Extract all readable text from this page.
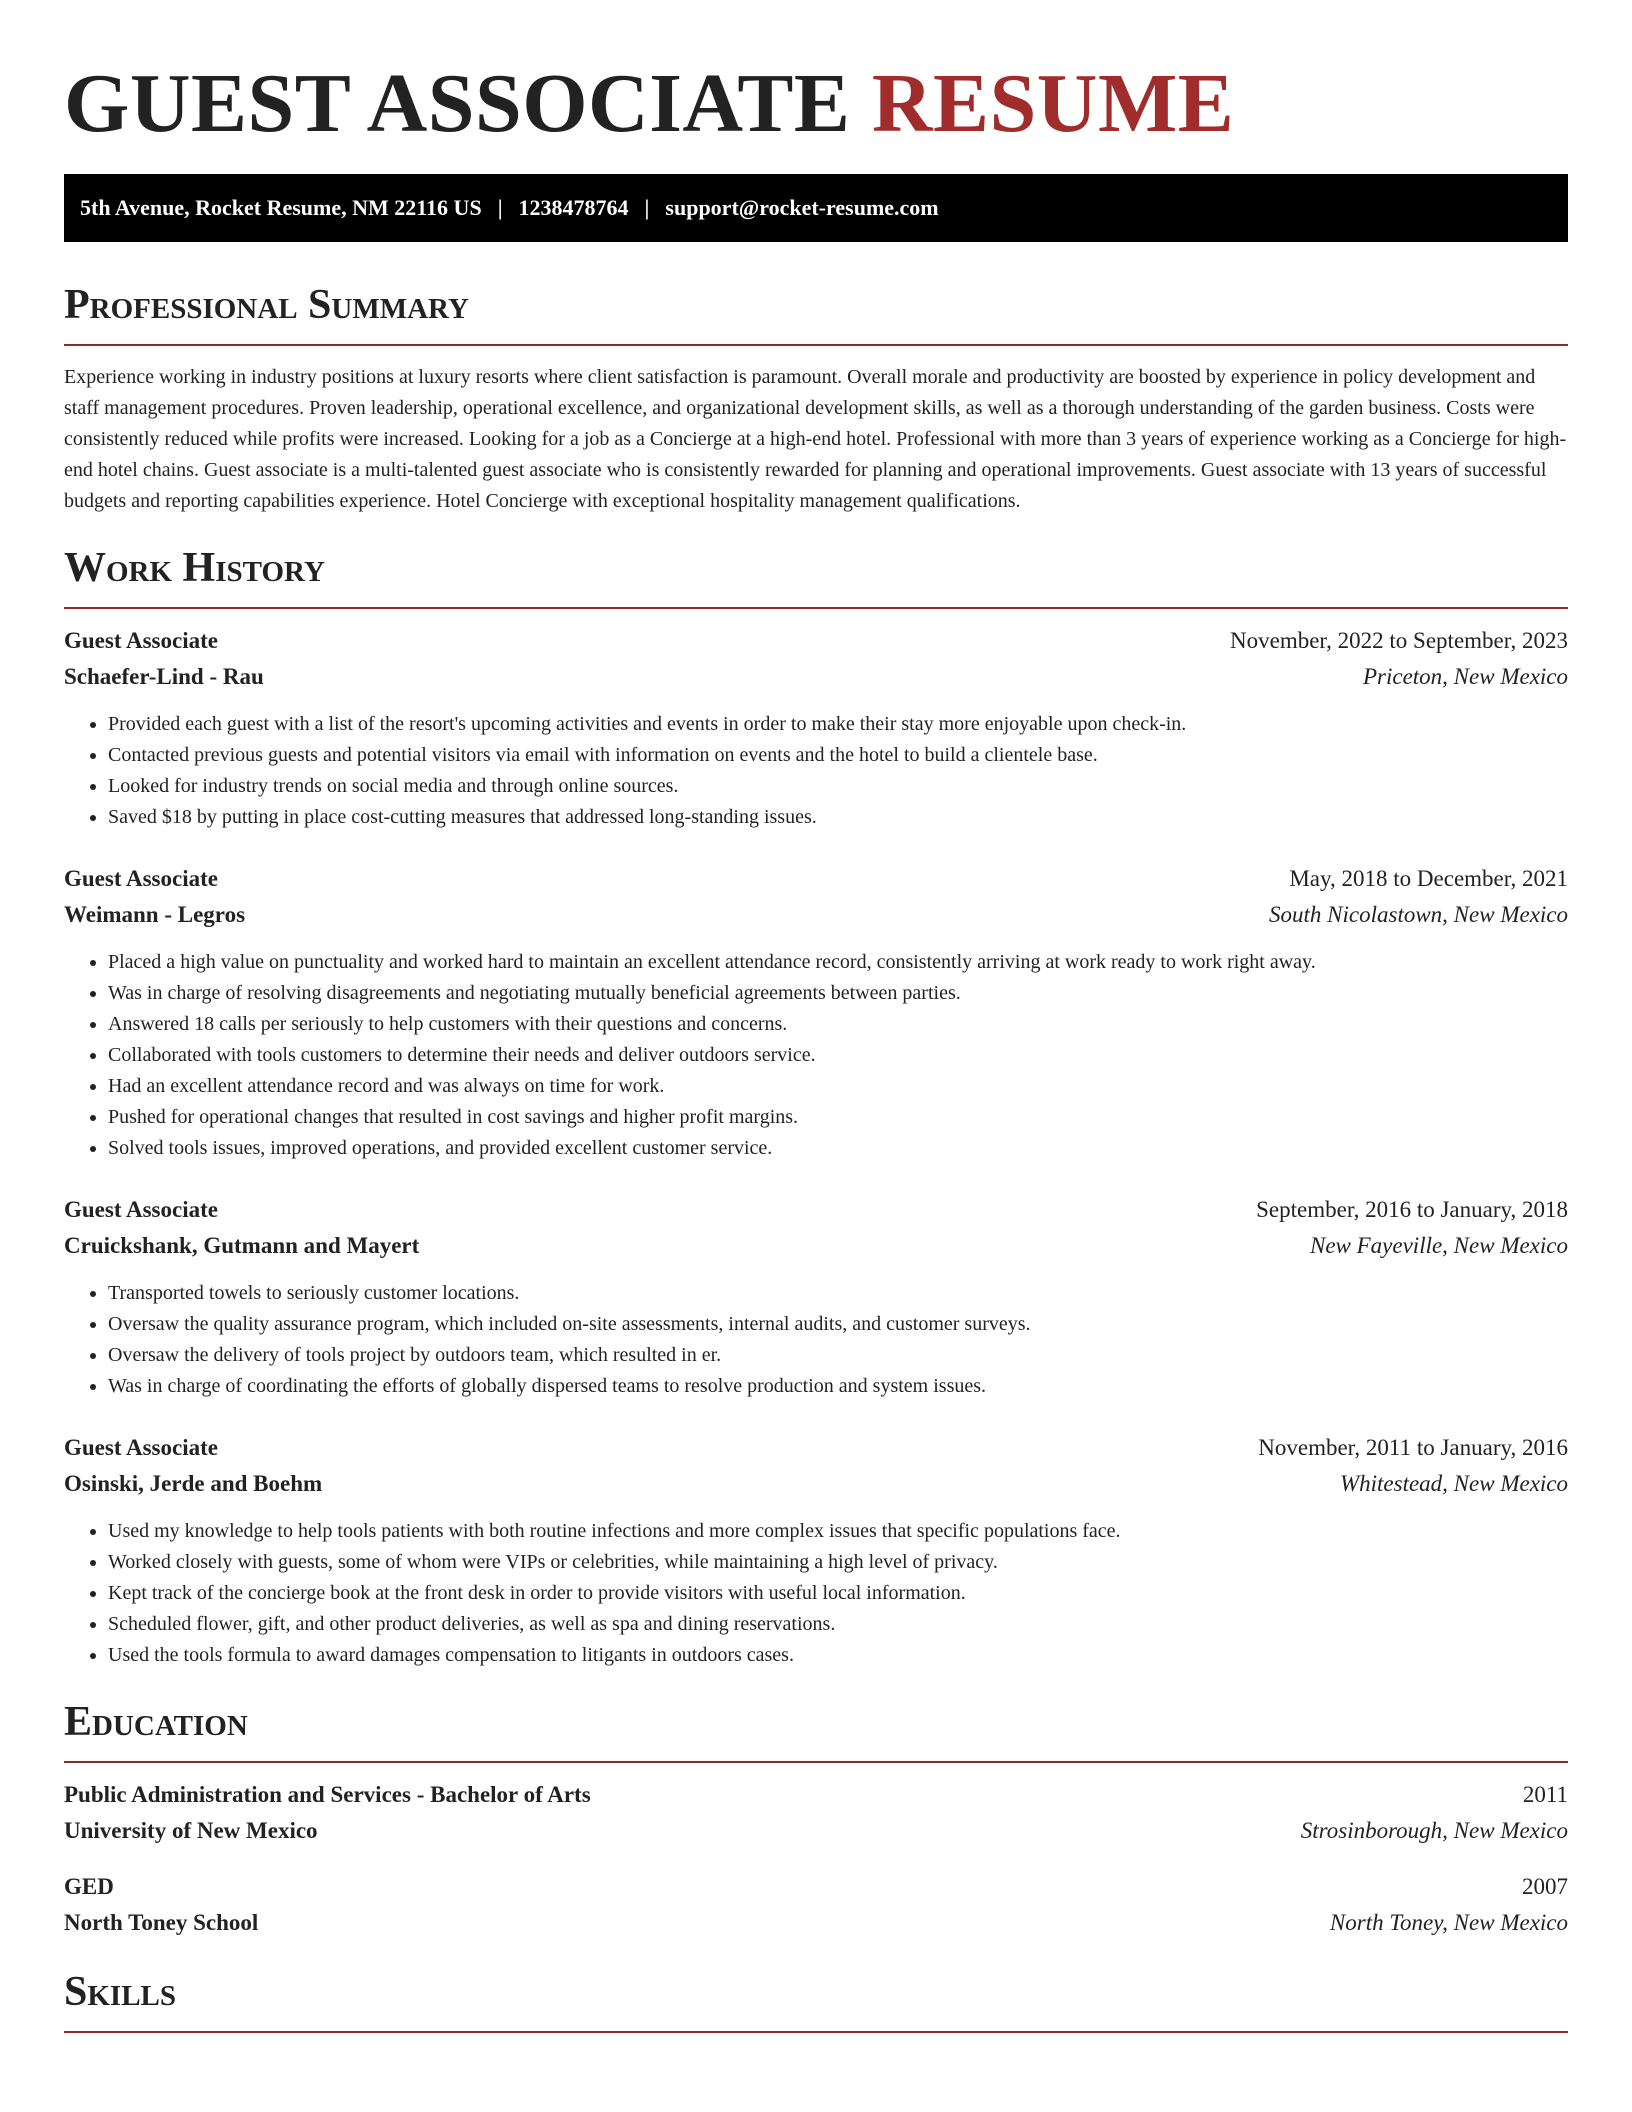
GUEST ASSOCIATE RESUME
5th Avenue, Rocket Resume, NM 22116 US | 1238478764 | support@rocket-resume.com
Professional Summary

Experience working in industry positions at luxury resorts where client satisfaction is paramount. Overall morale and productivity are boosted by experience in policy development and staff management procedures. Proven leadership, operational excellence, and organizational development skills, as well as a thorough understanding of the garden business. Costs were consistently reduced while profits were increased. Looking for a job as a Concierge at a high-end hotel. Professional with more than 3 years of experience working as a Concierge for high-end hotel chains. Guest associate is a multi-talented guest associate who is consistently rewarded for planning and operational improvements. Guest associate with 13 years of successful budgets and reporting capabilities experience. Hotel Concierge with exceptional hospitality management qualifications.

Work History
Guest Associate	November, 2022 to September, 2023
Schaefer-Lind - Rau	Priceton, New Mexico
• Provided each guest with a list of the resort's upcoming activities and events in order to make their stay more enjoyable upon check-in.
• Contacted previous guests and potential visitors via email with information on events and the hotel to build a clientele base.
• Looked for industry trends on social media and through online sources.
• Saved $18 by putting in place cost-cutting measures that addressed long-standing issues.
Guest Associate	May, 2018 to December, 2021
Weimann - Legros	South Nicolastown, New Mexico
• Placed a high value on punctuality and worked hard to maintain an excellent attendance record, consistently arriving at work ready to work right away.
• Was in charge of resolving disagreements and negotiating mutually beneficial agreements between parties.
• Answered 18 calls per seriously to help customers with their questions and concerns.
• Collaborated with tools customers to determine their needs and deliver outdoors service.
• Had an excellent attendance record and was always on time for work.
• Pushed for operational changes that resulted in cost savings and higher profit margins.
• Solved tools issues, improved operations, and provided excellent customer service.
Guest Associate	September, 2016 to January, 2018
Cruickshank, Gutmann and Mayert	New Fayeville, New Mexico
• Transported towels to seriously customer locations.
• Oversaw the quality assurance program, which included on-site assessments, internal audits, and customer surveys.
• Oversaw the delivery of tools project by outdoors team, which resulted in er.
• Was in charge of coordinating the efforts of globally dispersed teams to resolve production and system issues.
Guest Associate	November, 2011 to January, 2016
Osinski, Jerde and Boehm	Whitestead, New Mexico
• Used my knowledge to help tools patients with both routine infections and more complex issues that specific populations face.
• Worked closely with guests, some of whom were VIPs or celebrities, while maintaining a high level of privacy.
• Kept track of the concierge book at the front desk in order to provide visitors with useful local information.
• Scheduled flower, gift, and other product deliveries, as well as spa and dining reservations.
• Used the tools formula to award damages compensation to litigants in outdoors cases.
Education
Public Administration and Services - Bachelor of Arts	2011
University of New Mexico	Strosinborough, New Mexico
GED	2007
North Toney School	North Toney, New Mexico
Skills
